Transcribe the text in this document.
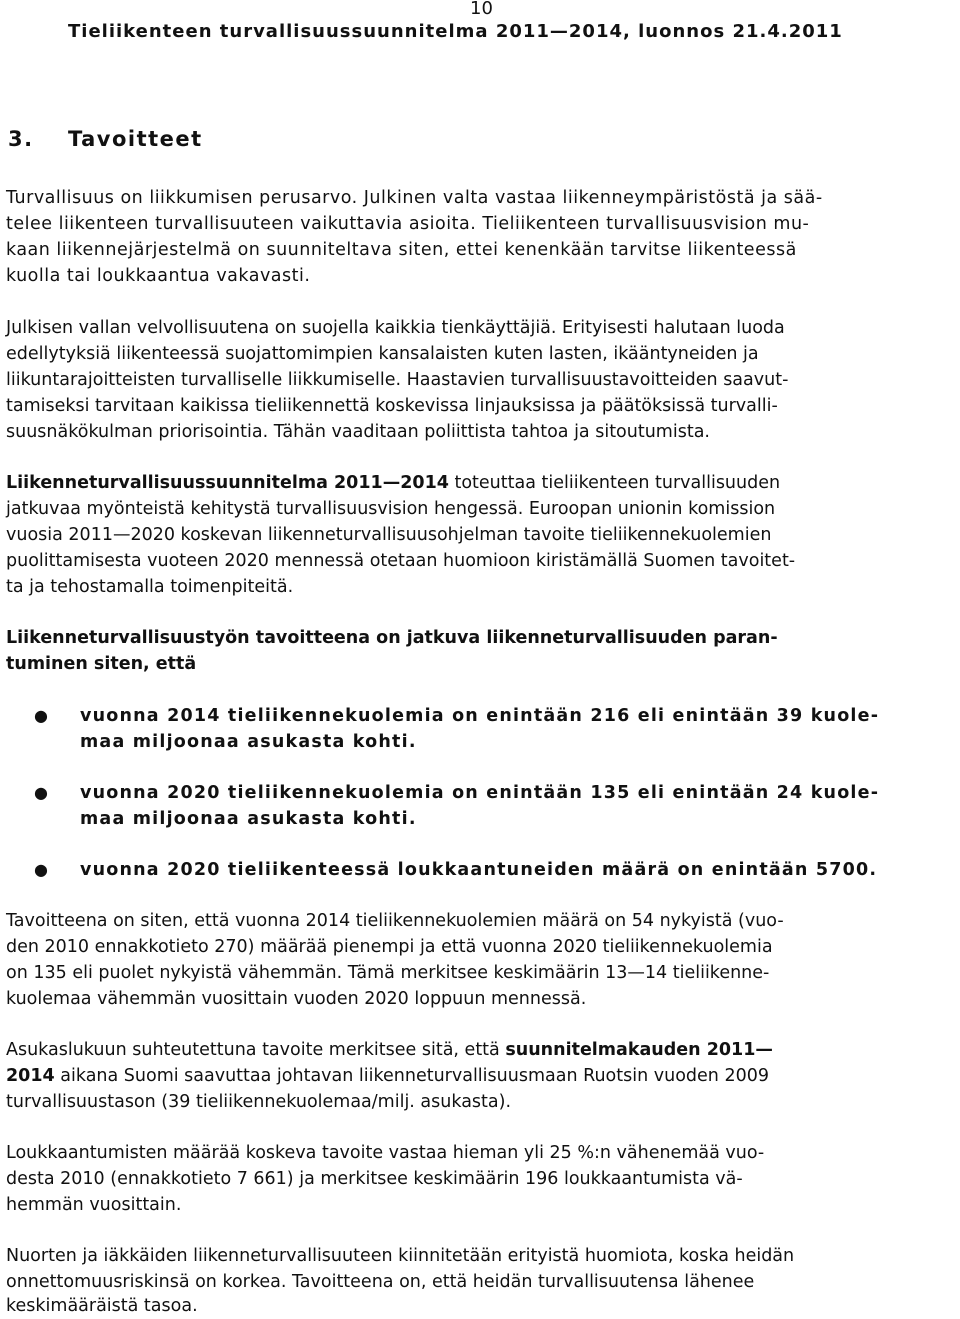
10
Tieliikenteen turvallisuussuunnitelma 2011—2014, luonnos 21.4.2011
3. Tavoitteet
Turvallisuus on liikkumisen perusarvo. Julkinen valta vastaa liikenneympäristöstä ja sää-
telee liikenteen turvallisuuteen vaikuttavia asioita. Tieliikenteen turvallisuusvision mu-
kaan liikennejärjestelmä on suunniteltava siten, ettei kenenkään tarvitse liikenteessä
kuolla tai loukkaantua vakavasti.
Julkisen vallan velvollisuutena on suojella kaikkia tienkäyttäjiä. Erityisesti halutaan luoda
edellytyksiä liikenteessä suojattomimpien kansalaisten kuten lasten, ikääntyneiden ja
liikuntarajoitteisten turvalliselle liikkumiselle. Haastavien turvallisuustavoitteiden saavut-
tamiseksi tarvitaan kaikissa tieliikennettä koskevissa linjauksissa ja päätöksissä turvalli-
suusnäkökulman priorisointia. Tähän vaaditaan poliittista tahtoa ja sitoutumista.
Liikenneturvallisuussuunnitelma 2011—2014 toteuttaa tieliikenteen turvallisuuden
jatkuvaa myönteistä kehitystä turvallisuusvision hengessä. Euroopan unionin komission
vuosia 2011—2020 koskevan liikenneturvallisuusohjelman tavoite tieliikennekuolemien
puolittamisesta vuoteen 2020 mennessä otetaan huomioon kiristämällä Suomen tavoitet-
ta ja tehostamalla toimenpiteitä.
Liikenneturvallisuustyön tavoitteena on jatkuva liikenneturvallisuuden paran-
tuminen siten, että
● vuonna 2014 tieliikennekuolemia on enintään 216 eli enintään 39 kuole-
maa miljoonaa asukasta kohti.
● vuonna 2020 tieliikennekuolemia on enintään 135 eli enintään 24 kuole-
maa miljoonaa asukasta kohti.
● vuonna 2020 tieliikenteessä loukkaantuneiden määrä on enintään 5700.
Tavoitteena on siten, että vuonna 2014 tieliikennekuolemien määrä on 54 nykyistä (vuo-
den 2010 ennakkotieto 270) määrää pienempi ja että vuonna 2020 tieliikennekuolemia
on 135 eli puolet nykyistä vähemmän. Tämä merkitsee keskimäärin 13—14 tieliikenne-
kuolemaa vähemmän vuosittain vuoden 2020 loppuun mennessä.
Asukaslukuun suhteutettuna tavoite merkitsee sitä, että suunnitelmakauden 2011—
2014 aikana Suomi saavuttaa johtavan liikenneturvallisuusmaan Ruotsin vuoden 2009
turvallisuustason (39 tieliikennekuolemaa/milj. asukasta).
Loukkaantumisten määrää koskeva tavoite vastaa hieman yli 25 %:n vähenemää vuo-
desta 2010 (ennakkotieto 7 661) ja merkitsee keskimäärin 196 loukkaantumista vä-
hemmän vuosittain.
Nuorten ja iäkkäiden liikenneturvallisuuteen kiinnitetään erityistä huomiota, koska heidän
onnettomuusriskinsä on korkea. Tavoitteena on, että heidän turvallisuutensa lähenee
keskimääräistä tasoa.
